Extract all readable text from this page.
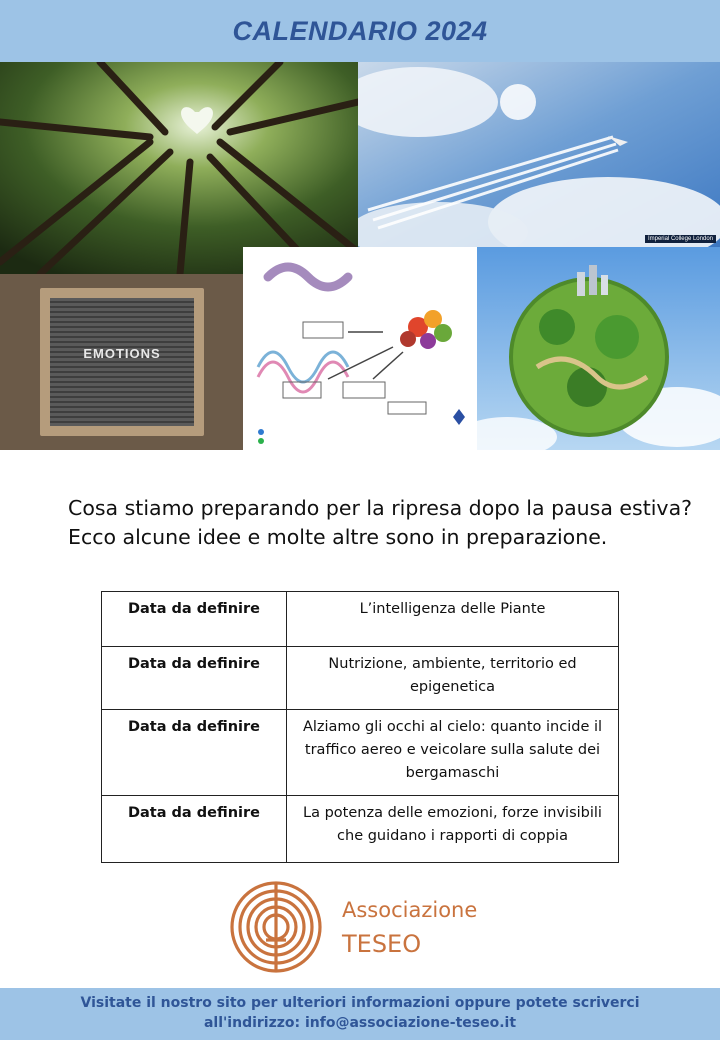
CALENDARIO 2024
Imperial College London
EMOTIONS
Cosa stiamo preparando per la ripresa dopo la pausa estiva?
Ecco alcune idee e molte altre sono in preparazione.
Data da definire	L’intelligenza delle Piante
Data da definire	Nutrizione, ambiente, territorio ed epigenetica
Data da definire	Alziamo gli occhi al cielo: quanto incide il traffico aereo e veicolare sulla salute dei bergamaschi
Data da definire	La potenza delle emozioni, forze invisibili che guidano i rapporti di coppia
Associazione
TESEO

Visitate il nostro sito per ulteriori informazioni oppure potete scriverci

all'indirizzo: info@associazione-teseo.it
